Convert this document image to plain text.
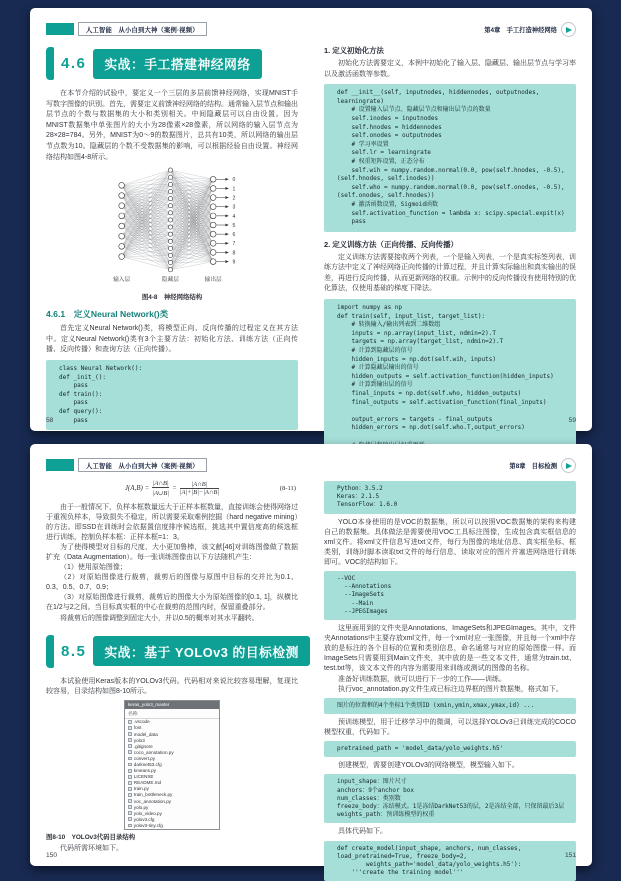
人工智能　从小白到大神（案例·视频）
4.6	实战：手工搭建神经网络

在本节介绍的试验中，要定义一个三层的多层前馈神经网络，实现MNIST手写数字图像的识别。首先，需要定义前馈神经网络的结构。通常输入层节点和输出层节点的个数与数据集的大小和类别相关。中间隐藏层可以自由设置。因为MNIST数据集中单张图片的大小为28像素×28像素，所以网络的输入层节点为28×28=784。另外，MNIST为0～9的数据图片，总共有10类，所以网络的输出层节点数为10。隐藏层的个数不受数据集的影响，可以根据经验自由设置。神经网络结构如图4-8所示。

0
1
2
3
4
5
6
7
8
9
输入层	隐藏层	输出层
图4-8　神经网络结构
4.6.1　定义Neural Network()类

首先定义Neural Network()类，将模型正向、反向传播的过程定义在其方法中。定义Neural Network()类有3个主要方法：初始化方法、训练方法（正向传播、反向传播）和查询方法（正向传播）。

class Neural Network():
def _init_():
pass
def train():
pass
def query():
pass
58
第4章　手工打造神经网络
1. 定义初始化方法

初始化方法需要定义，本例中初始化了输入层、隐藏层、输出层节点与学习率以及激活函数等参数。

def __init__(self, inputnodes, hiddennodes, outputnodes, learningrate)
# 设置输入层节点、隐藏层节点和输出层节点的数量
self.inodes = inputnodes
self.hnodes = hiddennodes
self.onodes = outputnodes
# 学习率设置
self.lr = learningrate
# 权重矩阵设置，正态分布
self.wih = numpy.random.normal(0.0, pow(self.hnodes, -0.5), (self.hnodes, self.inodes))
self.who = numpy.random.normal(0.0, pow(self.onodes, -0.5), (self.onodes, self.hnodes))
# 激活函数设置，Sigmoid函数
self.activation_function = lambda x: scipy.special.expit(x)
pass
2. 定义训练方法（正向传播、反向传播）

定义训练方法需要接收两个列表，一个是输入列表，一个是真实标签列表，训练方法中定义了神经网络正向传播的计算过程，并且计算实际输出和真实输出的误差，再进行反向传播，从而更新网络的权重。示例中的反向传播没有使用特别的优化算法，仅使用基础的梯度下降法。

import numpy as np
def train(self, input_list, target_list):
# 转换输入/输出列表到二维数组
inputs = np.array(input_list, ndmin=2).T
targets = np.array(target_list, ndmin=2).T
# 计算到隐藏层的信号
hidden_inputs = np.dot(self.wih, inputs)
# 计算隐藏层输出的信号
hidden_outputs = self.activation_function(hidden_inputs)
# 计算到输出层的信号
final_inputs = np.dot(self.who, hidden_outputs)
final_outputs = self.activation_function(final_inputs)
output_errors = targets - final_outputs
hidden_errors = np.dot(self.who.T,output_errors)
59
人工智能　从小白到大神（案例·视频）
$J(A,B) = \frac{|A\cap B|}{|A\cup B|} = \frac{|A\cap B|}{|A|+|B|-|A\cap B|}$	(8-11)

由于一般情况下，负样本框数量远大于正样本框数量，直接训练会使得网络过于重视负样本，导致损失不稳定，所以需要采取难例挖掘（hard negative mining）的方法。即SSD在训练时会依据置信度排序候选框，挑选其中置信度高的候选框进行训练，控制负样本框：正样本框=1：3。

为了使得模型对目标的尺度、大小更加鲁棒，该文献[46]对训练图像做了数据扩充（Data Augmentation）。每一张训练图像由以下方法随机产生：

（1）使用原始图像；

（2）对原始图像进行裁剪，裁剪后的图像与原图中目标的交并比为0.1、0.3、0.5、0.7、0.9；

（3）对原始图像进行裁剪，裁剪后的图像大小为原始图像的[0.1, 1]，纵横比在1/2与2之间。当目标真实框的中心在裁剪的范围内时，保留重叠部分。

将裁剪后的图像调整到固定大小，并以0.5的概率对其水平翻转。

8.5	实战：基于 YOLOv3 的目标检测

本试验使用Keras版本的YOLOv3代码。代码相对来说比较容易理解，复现比较容易，目录结构如图8-10所示。

keras_yolo3_master
名称
.vscode
font
model_data
yolo3
.gitignore
coco_annotation.py
convert.py
darknet53.cfg
kmeans.py
LICENSE
README.md
train.py
train_bottleneck.py
voc_annotation.py
yolo.py
yolo_video.py
yolov3.cfg
yolov3-tiny.cfg
图8-10　YOLOv3代码目录结构

代码所需环境如下。

150
第8章　目标检测
Python：3.5.2
Keras：2.1.5
TensorFlow：1.6.0

YOLO本身使用的是VOC的数据集，所以可以按照VOC数据集的架构来构建自己的数据集。具体做法是需要使用VOC工具标注图像，生成包含真实框信息的xml文件。将xml文件信息写进txt文件，每行为图像的地址信息、真实框坐标、框类别，训练时脚本读取txt文件的每行信息，读取对应的图片并塞进网络进行训练即可。VOC的结构如下。

--VOC
--Annotations
--ImageSets
--Main
--JPEGImages

这里面用到的文件夹是Annotations、ImageSets和JPEGImages。其中，文件夹Annotations中主要存放xml文件，每一个xml对应一张图像，并且每一个xml中存放的是标注的各个目标的位置和类别信息，命名通常与对应的原始图像一样。而ImageSets只需要用到Main文件夹，其中放的是一些文本文件，通常为train.txt、test.txt等，该文本文件的内容为需要用来训练或测试的图像的名称。

准备好训练数据，就可以进行下一步的工作——训练。

执行voc_annotation.py文件生成已标注边界框的图片数据集，格式如下。

图片的位置框的4个坐标1个类别ID (xmin,ymin,xmax,ymax,id) ...

预训练模型，用于迁移学习中的微调，可以选择YOLOv3已训练完成的COCO模型权重，代码如下。

pretrained_path = 'model_data/yolo_weights.h5'

创建模型，需要创建YOLOv3的网络模型，模型输入如下。

input_shape：图片尺寸
anchors：9个anchor box
num_classes：类别数
freeze_body：冻结模式。1是冻结DarkNet53的层，2是冻结全部，只保留最后3层
weights_path：预训练模型的权重

具体代码如下。

def create_model(input_shape, anchors, num_classes, load_pretrained=True, freeze_body=2,
weights_path='model_data/yolo_weights.h5'):
'''create the training model'''
151
